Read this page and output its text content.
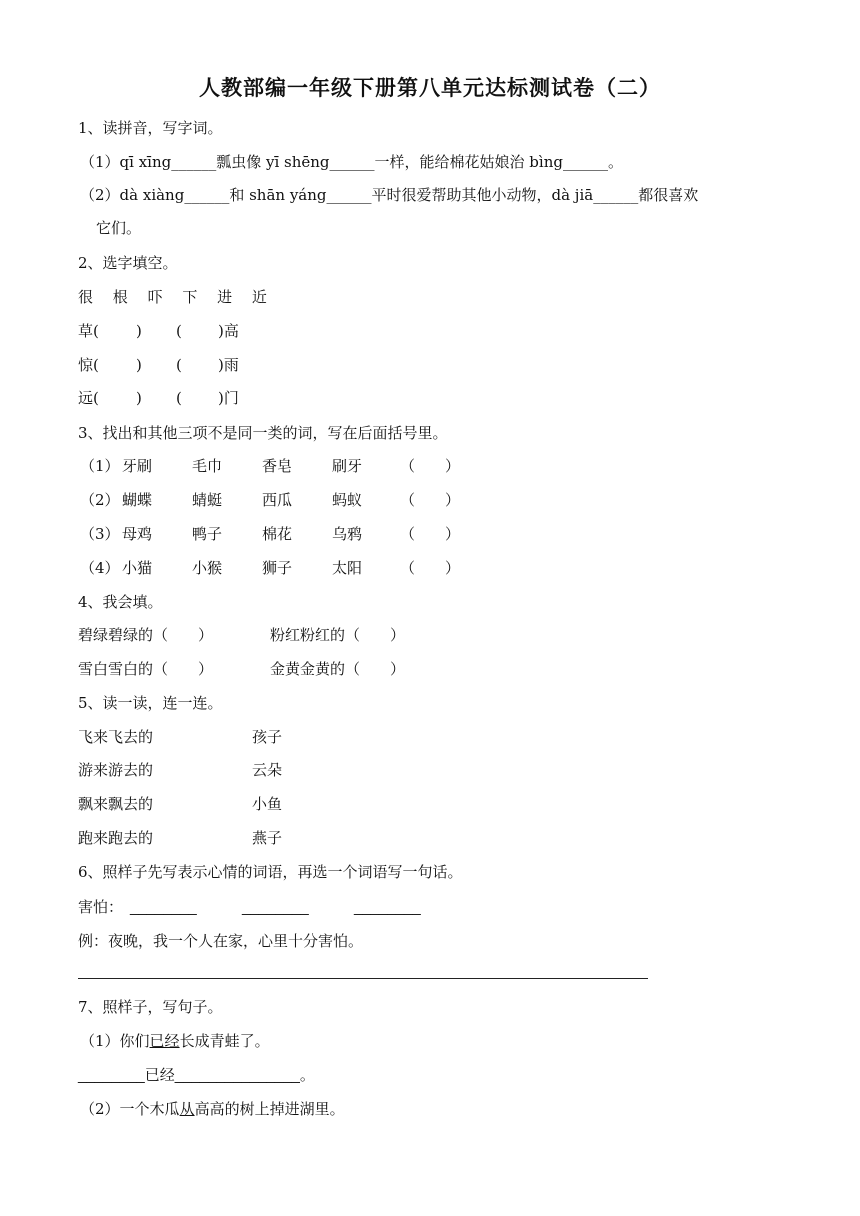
人教部编一年级下册第八单元达标测试卷（二）
1、读拼音，写字词。
（1）qī xīng______瓢虫像 yī shēng______一样，能给棉花姑娘治 bìng______。
（2）dà xiàng______和 shān yáng______平时很爱帮助其他小动物，dà jiā______都很喜欢
它们。
2、选字填空。
很 根 吓 下 进 近
草( ) ( )高
惊( ) ( )雨
远( ) ( )门
3、找出和其他三项不是同一类的词，写在后面括号里。
（1） 牙刷	毛巾	香皂	刷牙	（　　）
（2） 蝴蝶	蜻蜓	西瓜	蚂蚁	（　　）
（3） 母鸡	鸭子	棉花	乌鸦	（　　）
（4） 小猫	小猴	狮子	太阳	（　　）
4、我会填。
碧绿碧绿的（　　）	粉红粉红的（　　）
雪白雪白的（　　）	金黄金黄的（　　）
5、读一读，连一连。
飞来飞去的	孩子
游来游去的	云朵
飘来飘去的	小鱼
跑来跑去的	燕子
6、照样子先写表示心情的词语，再选一个词语写一句话。
害怕： ________	________	________
例：夜晚，我一个人在家，心里十分害怕。
7、照样子，写句子。
（1）你们已经长成青蛙了。
________已经_______________。
（2）一个木瓜从高高的树上掉进湖里。
